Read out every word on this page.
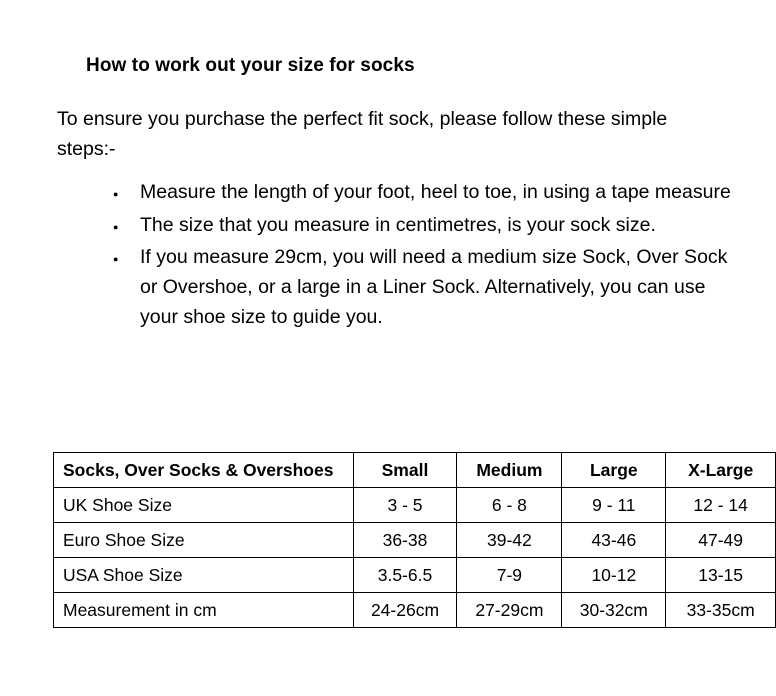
How to work out your size for socks
To ensure you purchase the perfect fit sock, please follow these simple steps:-
● Measure the length of your foot, heel to toe, in using a tape measure
● The size that you measure in centimetres, is your sock size.
● If you measure 29cm, you will need a medium size Sock, Over Sock or Overshoe, or a large in a Liner Sock. Alternatively, you can use your shoe size to guide you.
Socks, Over Socks & Overshoes	Small	Medium	Large	X-Large
UK Shoe Size	3 - 5	6 - 8	9 - 11	12 - 14
Euro Shoe Size	36-38	39-42	43-46	47-49
USA Shoe Size	3.5-6.5	7-9	10-12	13-15
Measurement in cm	24-26cm	27-29cm	30-32cm	33-35cm
